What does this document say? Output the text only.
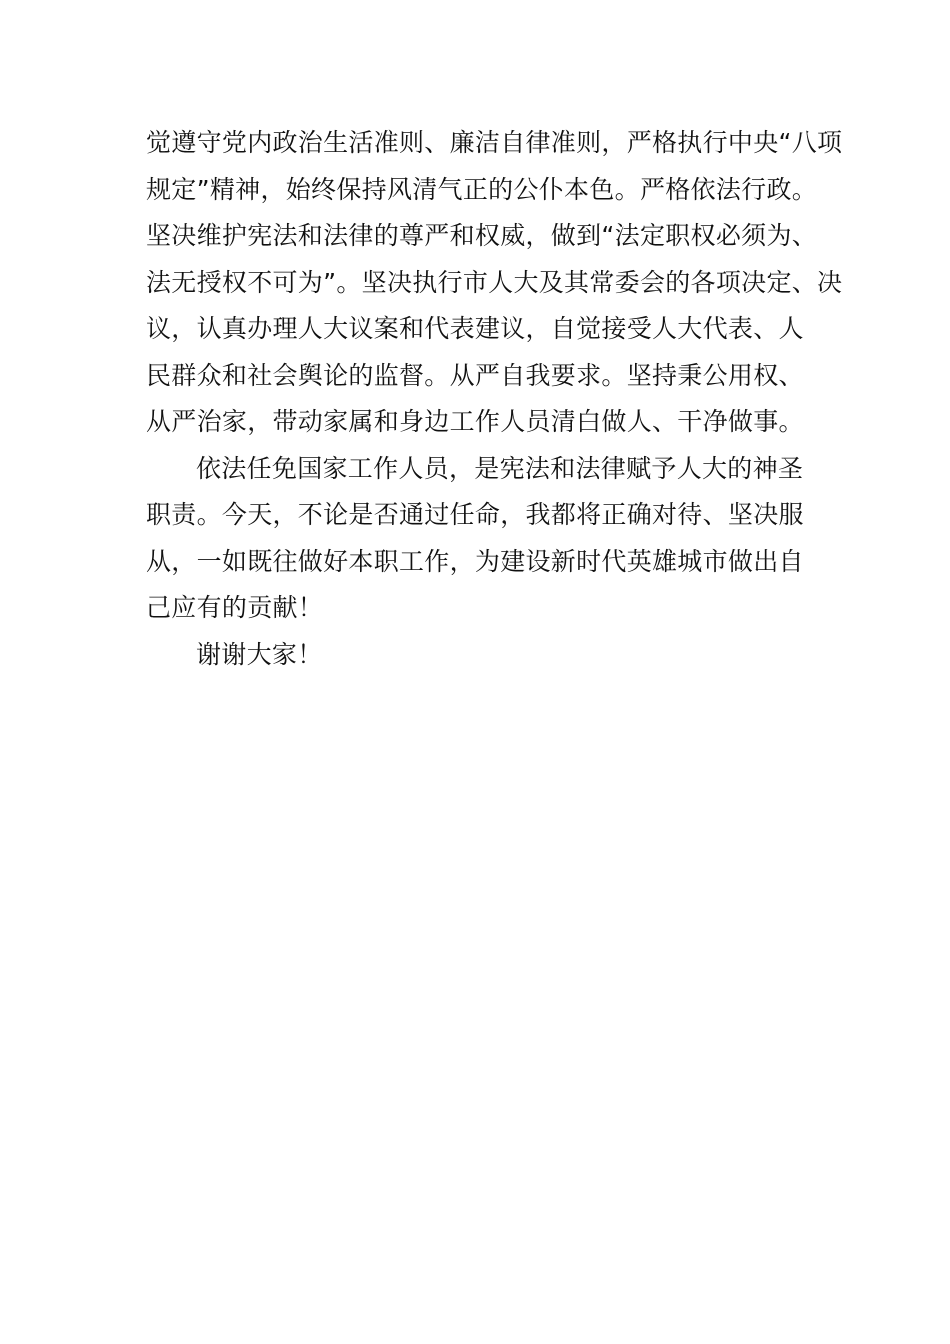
觉遵守党内政治生活准则、廉洁自律准则，严格执行中央“八项
规定”精神，始终保持风清气正的公仆本色。严格依法行政。
坚决维护宪法和法律的尊严和权威，做到“法定职权必须为、
法无授权不可为”。坚决执行市人大及其常委会的各项决定、决
议，认真办理人大议案和代表建议，自觉接受人大代表、人
民群众和社会舆论的监督。从严自我要求。坚持秉公用权、
从严治家，带动家属和身边工作人员清白做人、干净做事。
依法任免国家工作人员，是宪法和法律赋予人大的神圣
职责。今天，不论是否通过任命，我都将正确对待、坚决服
从，一如既往做好本职工作，为建设新时代英雄城市做出自
己应有的贡献！
谢谢大家！
